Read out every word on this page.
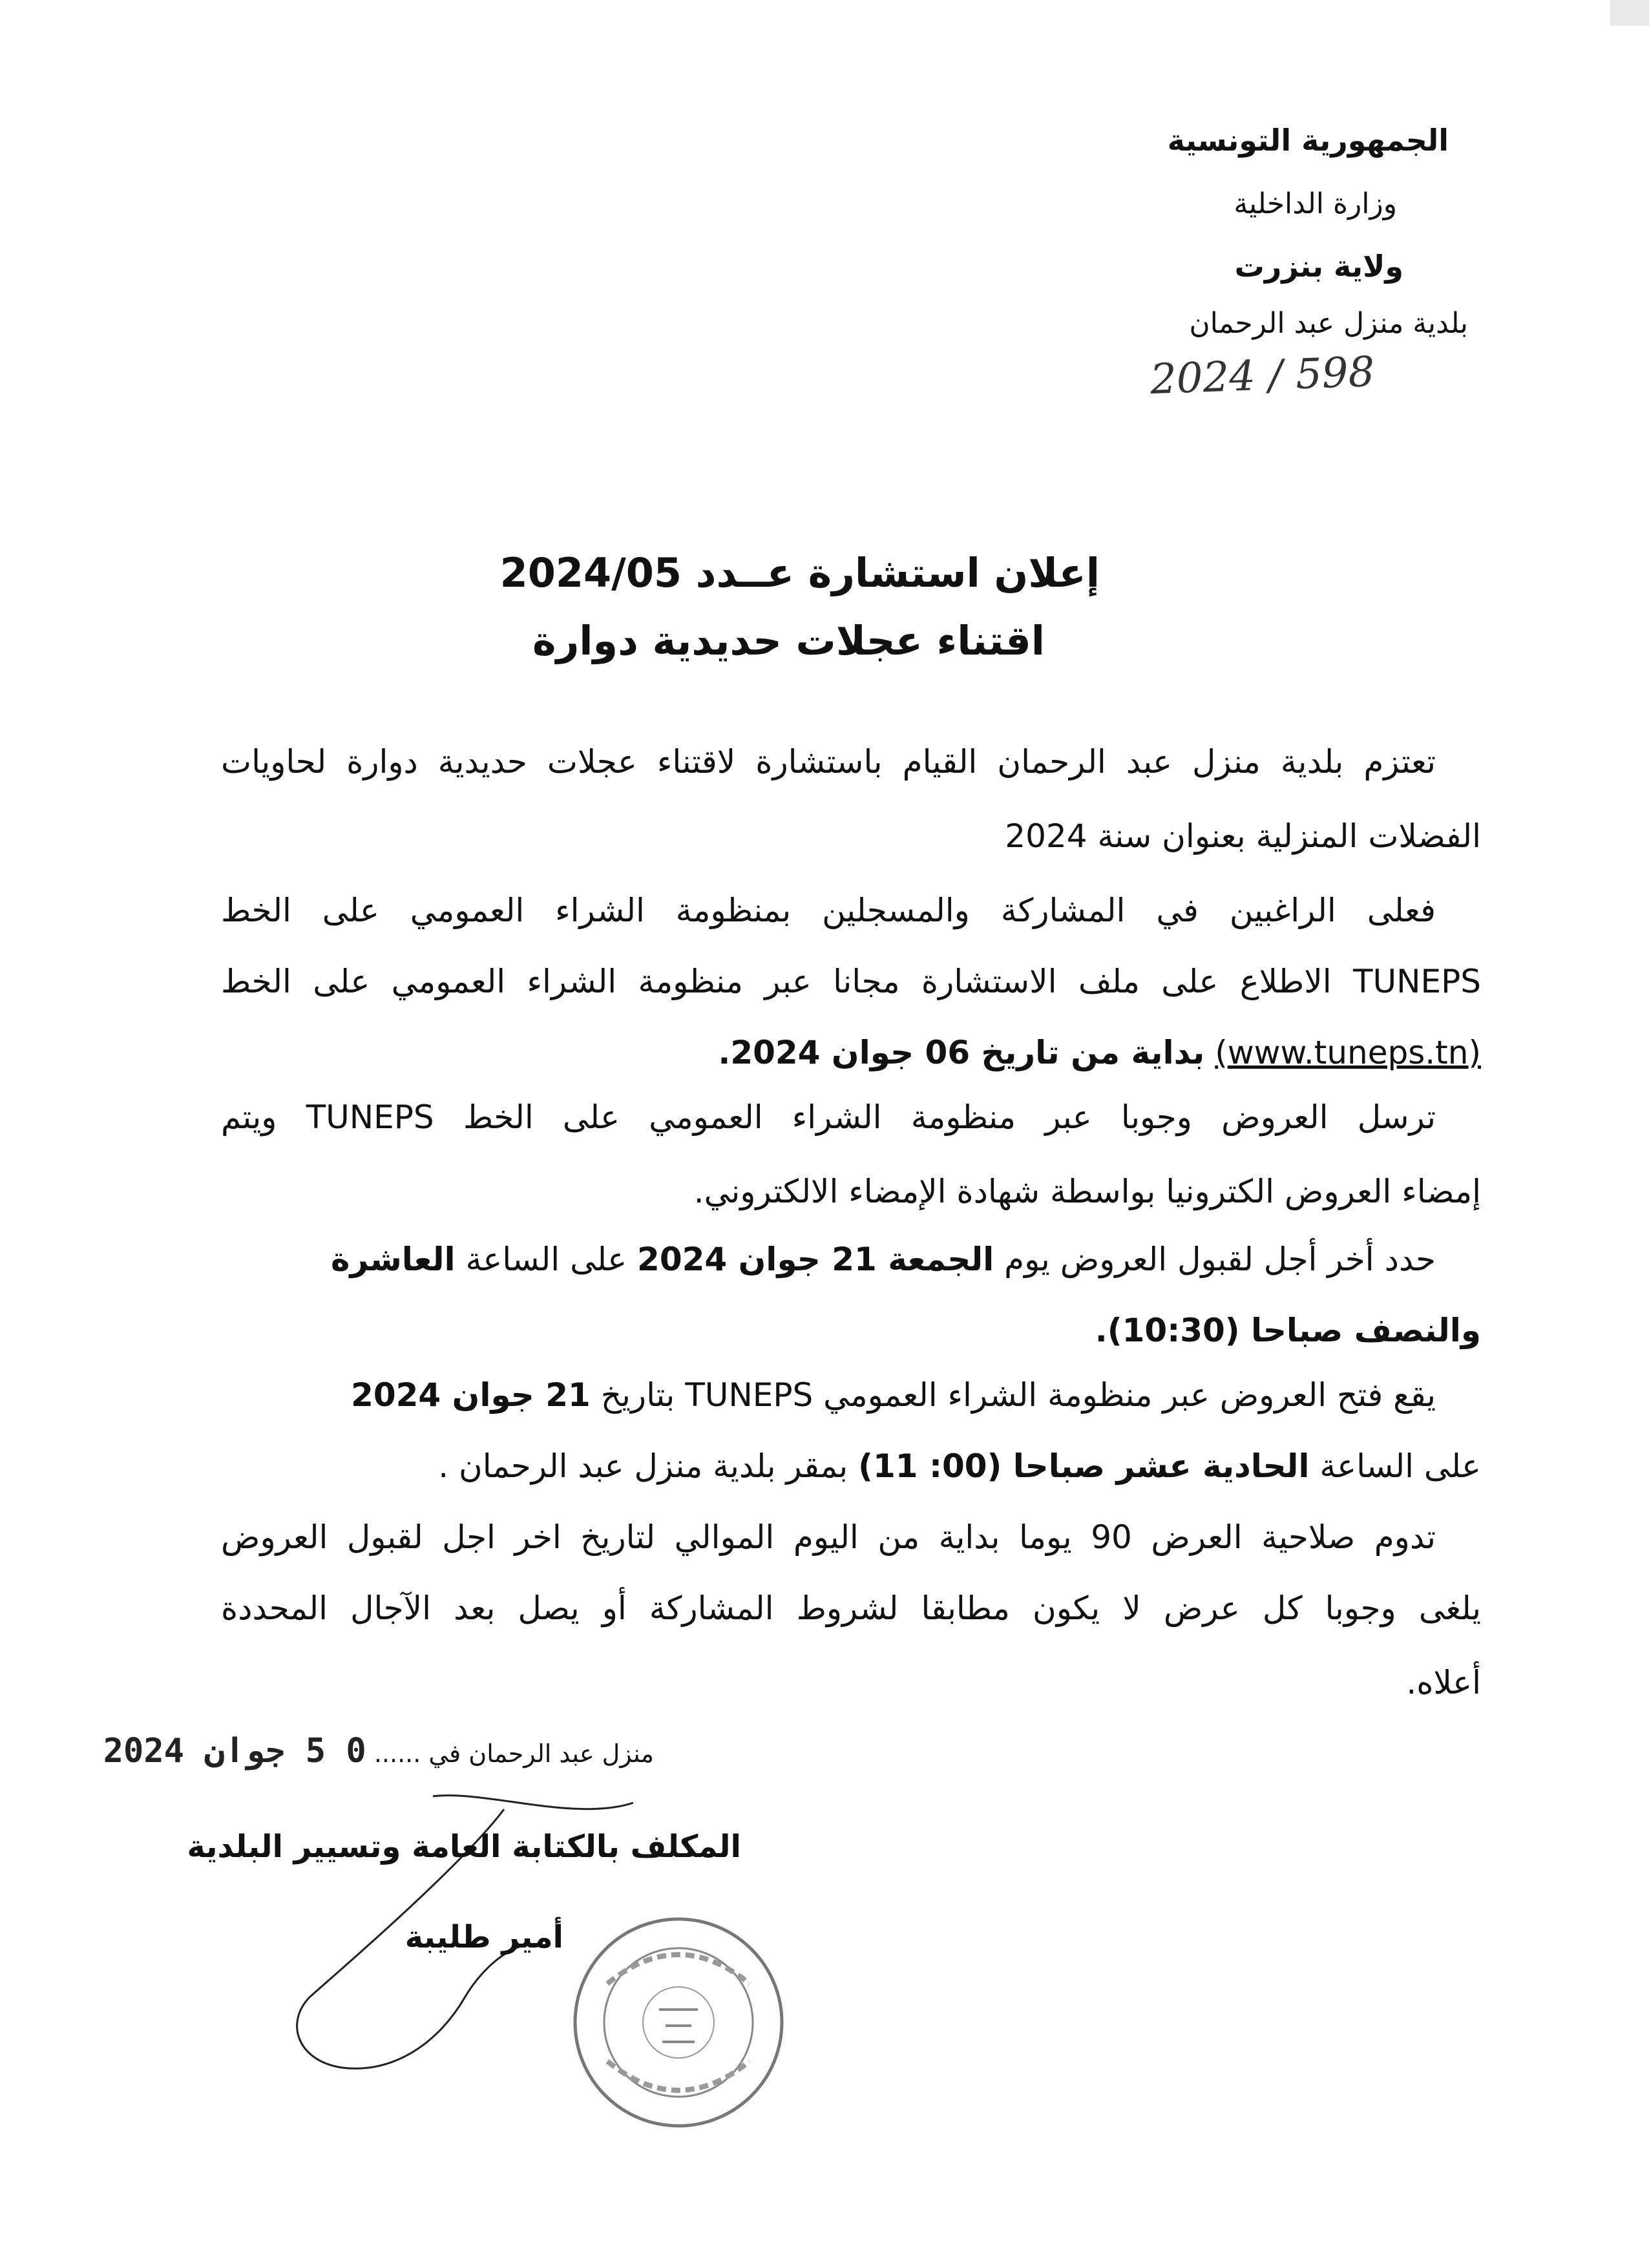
الجمهورية التونسية
وزارة الداخلية
ولاية بنزرت
بلدية منزل عبد الرحمان
2024 / 598
إعلان استشارة عــدد 2024/05
اقتناء عجلات حديدية دوارة
تعتزم بلدية منزل عبد الرحمان القيام باستشارة لاقتناء عجلات حديدية دوارة لحاويات
الفضلات المنزلية بعنوان سنة 2024
فعلى الراغبين في المشاركة والمسجلين بمنظومة الشراء العمومي على الخط
TUNEPS الاطلاع على ملف الاستشارة مجانا عبر منظومة الشراء العمومي على الخط
(www.tuneps.tn) بداية من تاريخ 06 جوان 2024.
ترسل العروض وجوبا عبر منظومة الشراء العمومي على الخط TUNEPS ويتم
إمضاء العروض الكترونيا بواسطة شهادة الإمضاء الالكتروني.
حدد أخر أجل لقبول العروض يوم الجمعة 21 جوان 2024 على الساعة العاشرة
والنصف صباحا (10:30).
يقع فتح العروض عبر منظومة الشراء العمومي TUNEPS بتاريخ 21 جوان 2024
على الساعة الحادية عشر صباحا (00: 11) بمقر بلدية منزل عبد الرحمان .
تدوم صلاحية العرض 90 يوما بداية من اليوم الموالي لتاريخ اخر اجل لقبول العروض
يلغى وجوبا كل عرض لا يكون مطابقا لشروط المشاركة أو يصل بعد الآجال المحددة
أعلاه.
منزل عبد الرحمان في ...... 0 5 جوان 2024
المكلف بالكتابة العامة وتسيير البلدية
أمير طليبة
